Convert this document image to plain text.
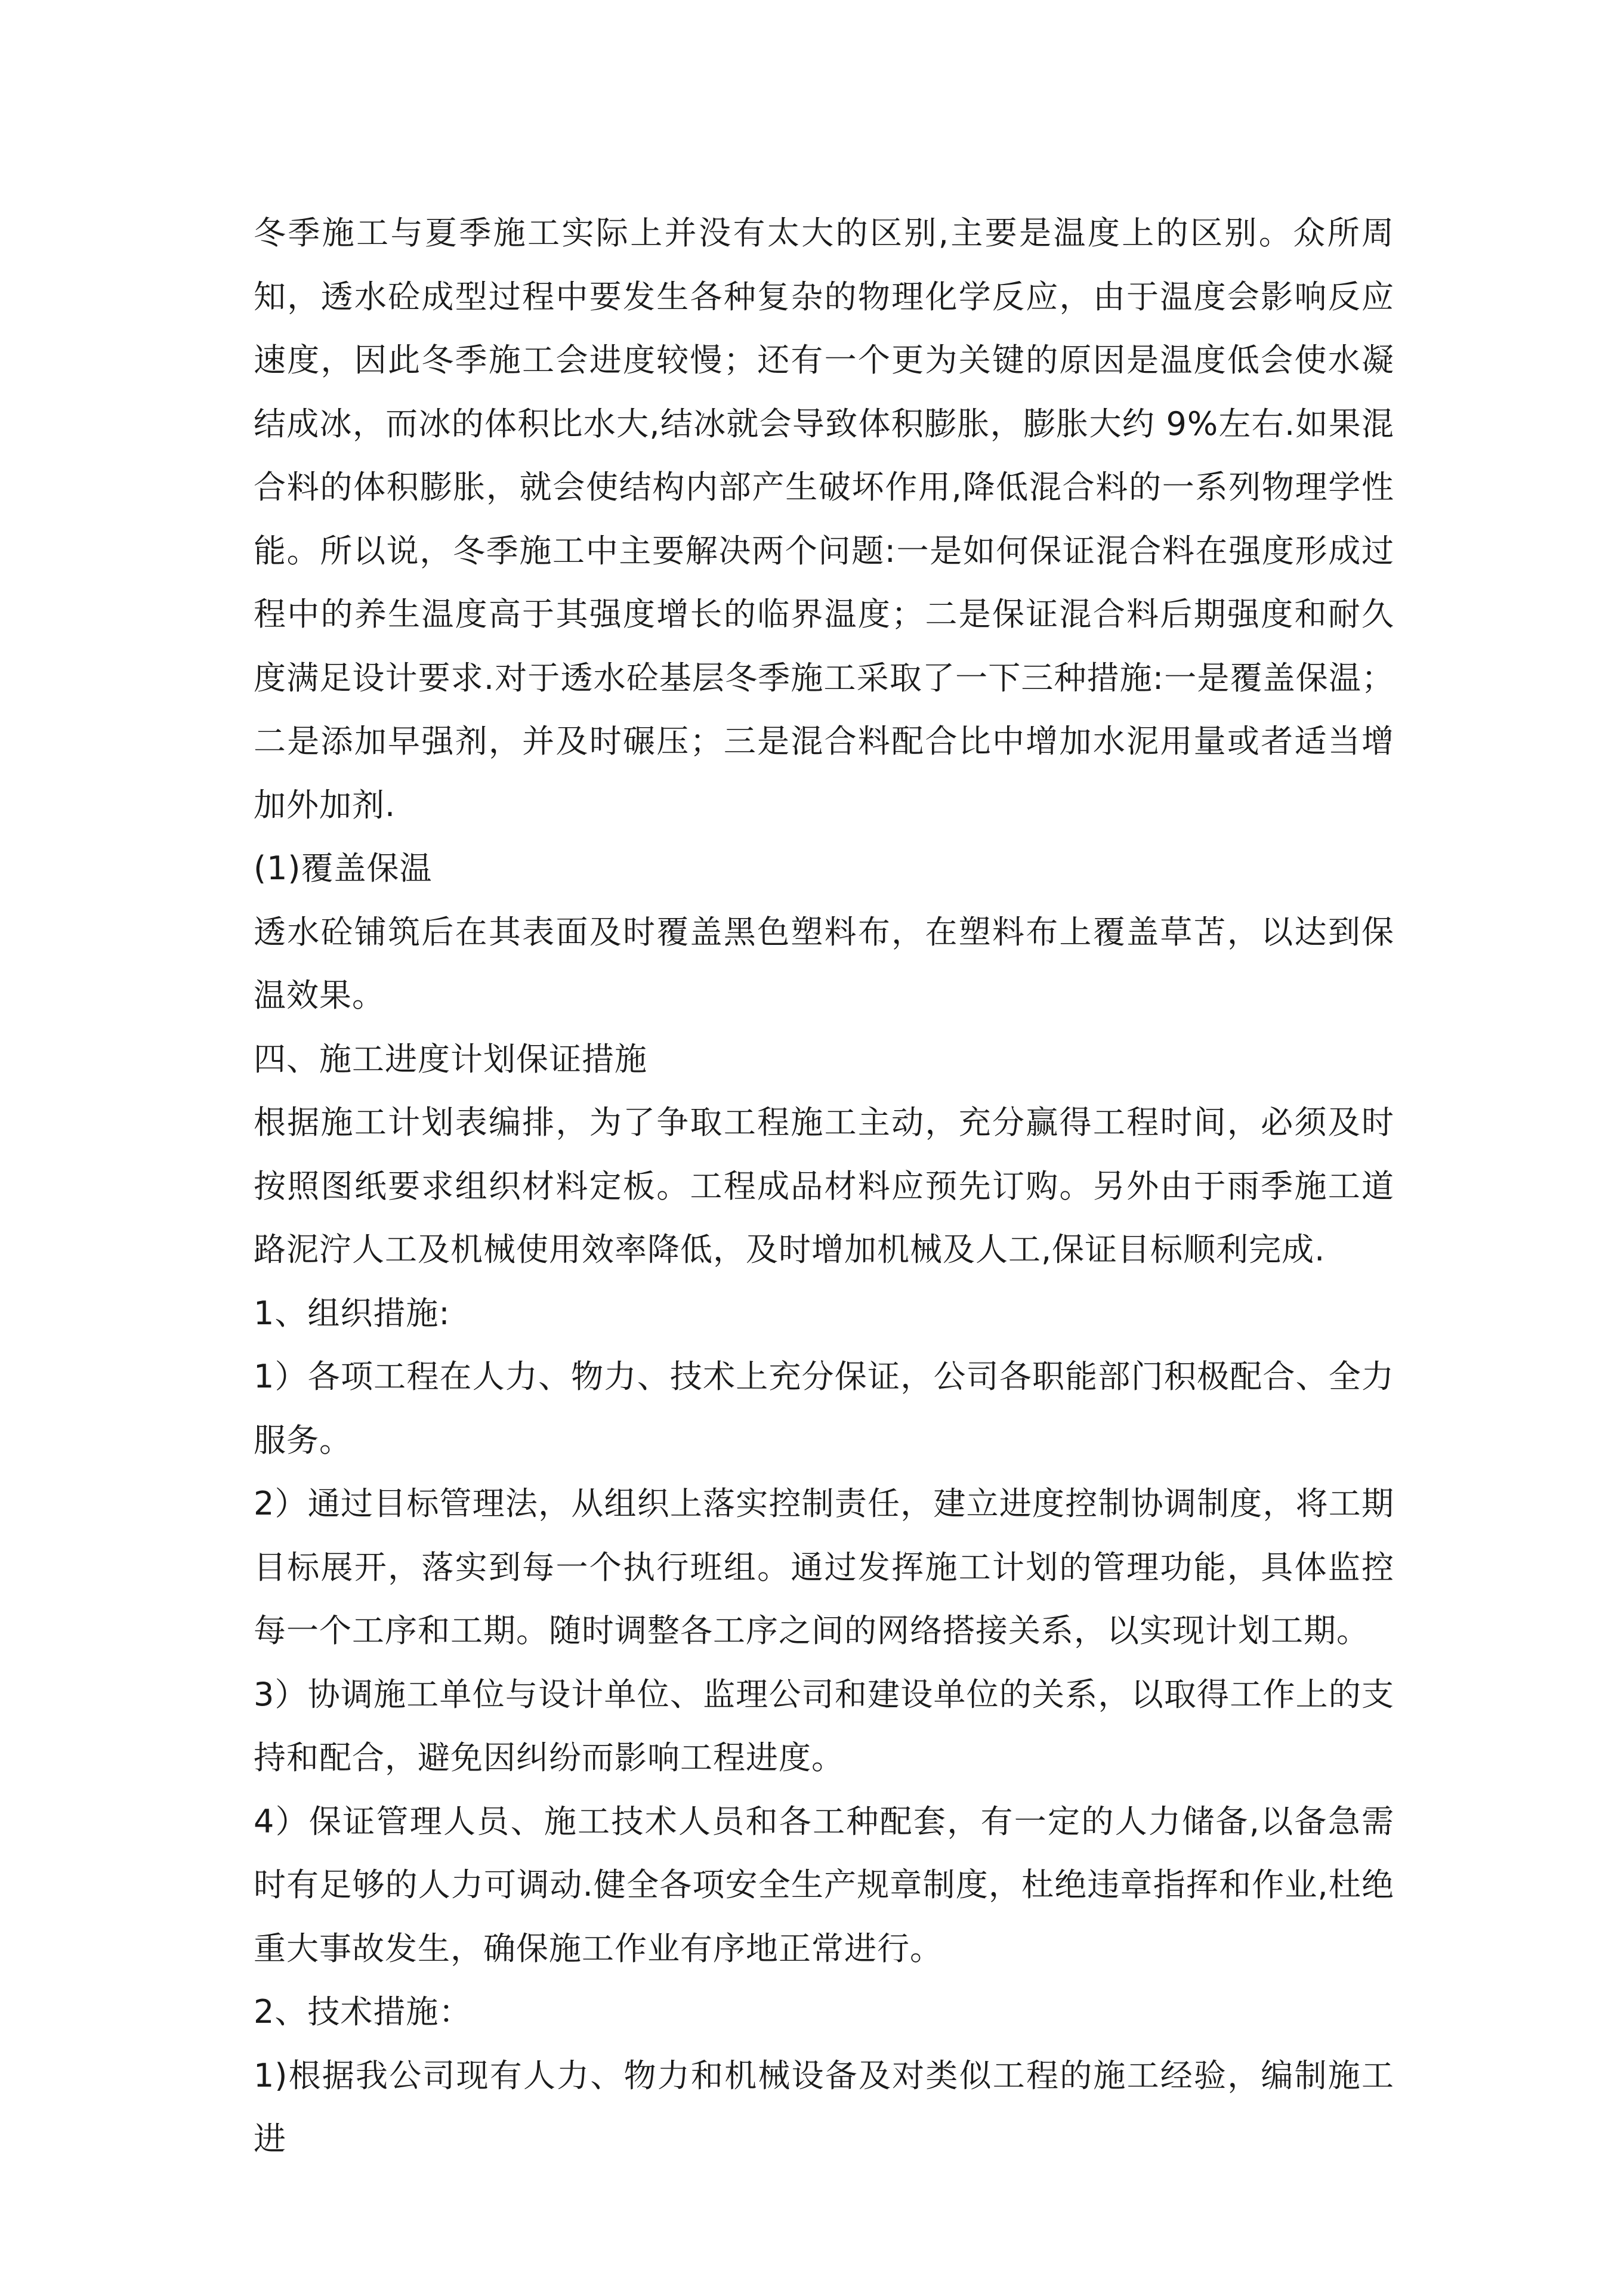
冬季施工与夏季施工实际上并没有太大的区别,主要是温度上的区别。众所周知，透水砼成型过程中要发生各种复杂的物理化学反应，由于温度会影响反应速度，因此冬季施工会进度较慢；还有一个更为关键的原因是温度低会使水凝结成冰，而冰的体积比水大,结冰就会导致体积膨胀，膨胀大约 9%左右.如果混合料的体积膨胀，就会使结构内部产生破坏作用,降低混合料的一系列物理学性能。所以说，冬季施工中主要解决两个问题:一是如何保证混合料在强度形成过程中的养生温度高于其强度增长的临界温度；二是保证混合料后期强度和耐久度满足设计要求.对于透水砼基层冬季施工采取了一下三种措施:一是覆盖保温；二是添加早强剂，并及时碾压；三是混合料配合比中增加水泥用量或者适当增加外加剂.

(1)覆盖保温

透水砼铺筑后在其表面及时覆盖黑色塑料布，在塑料布上覆盖草苫，以达到保温效果。

四、施工进度计划保证措施

根据施工计划表编排，为了争取工程施工主动，充分赢得工程时间，必须及时按照图纸要求组织材料定板。工程成品材料应预先订购。另外由于雨季施工道路泥泞人工及机械使用效率降低，及时增加机械及人工,保证目标顺利完成.

1、组织措施:

1）各项工程在人力、物力、技术上充分保证，公司各职能部门积极配合、全力服务。

2）通过目标管理法，从组织上落实控制责任，建立进度控制协调制度，将工期目标展开，落实到每一个执行班组。通过发挥施工计划的管理功能，具体监控每一个工序和工期。随时调整各工序之间的网络搭接关系，以实现计划工期。

3）协调施工单位与设计单位、监理公司和建设单位的关系，以取得工作上的支持和配合，避免因纠纷而影响工程进度。

4）保证管理人员、施工技术人员和各工种配套，有一定的人力储备,以备急需时有足够的人力可调动.健全各项安全生产规章制度，杜绝违章指挥和作业,杜绝重大事故发生，确保施工作业有序地正常进行。

2、技术措施：

1)根据我公司现有人力、物力和机械设备及对类似工程的施工经验，编制施工进
